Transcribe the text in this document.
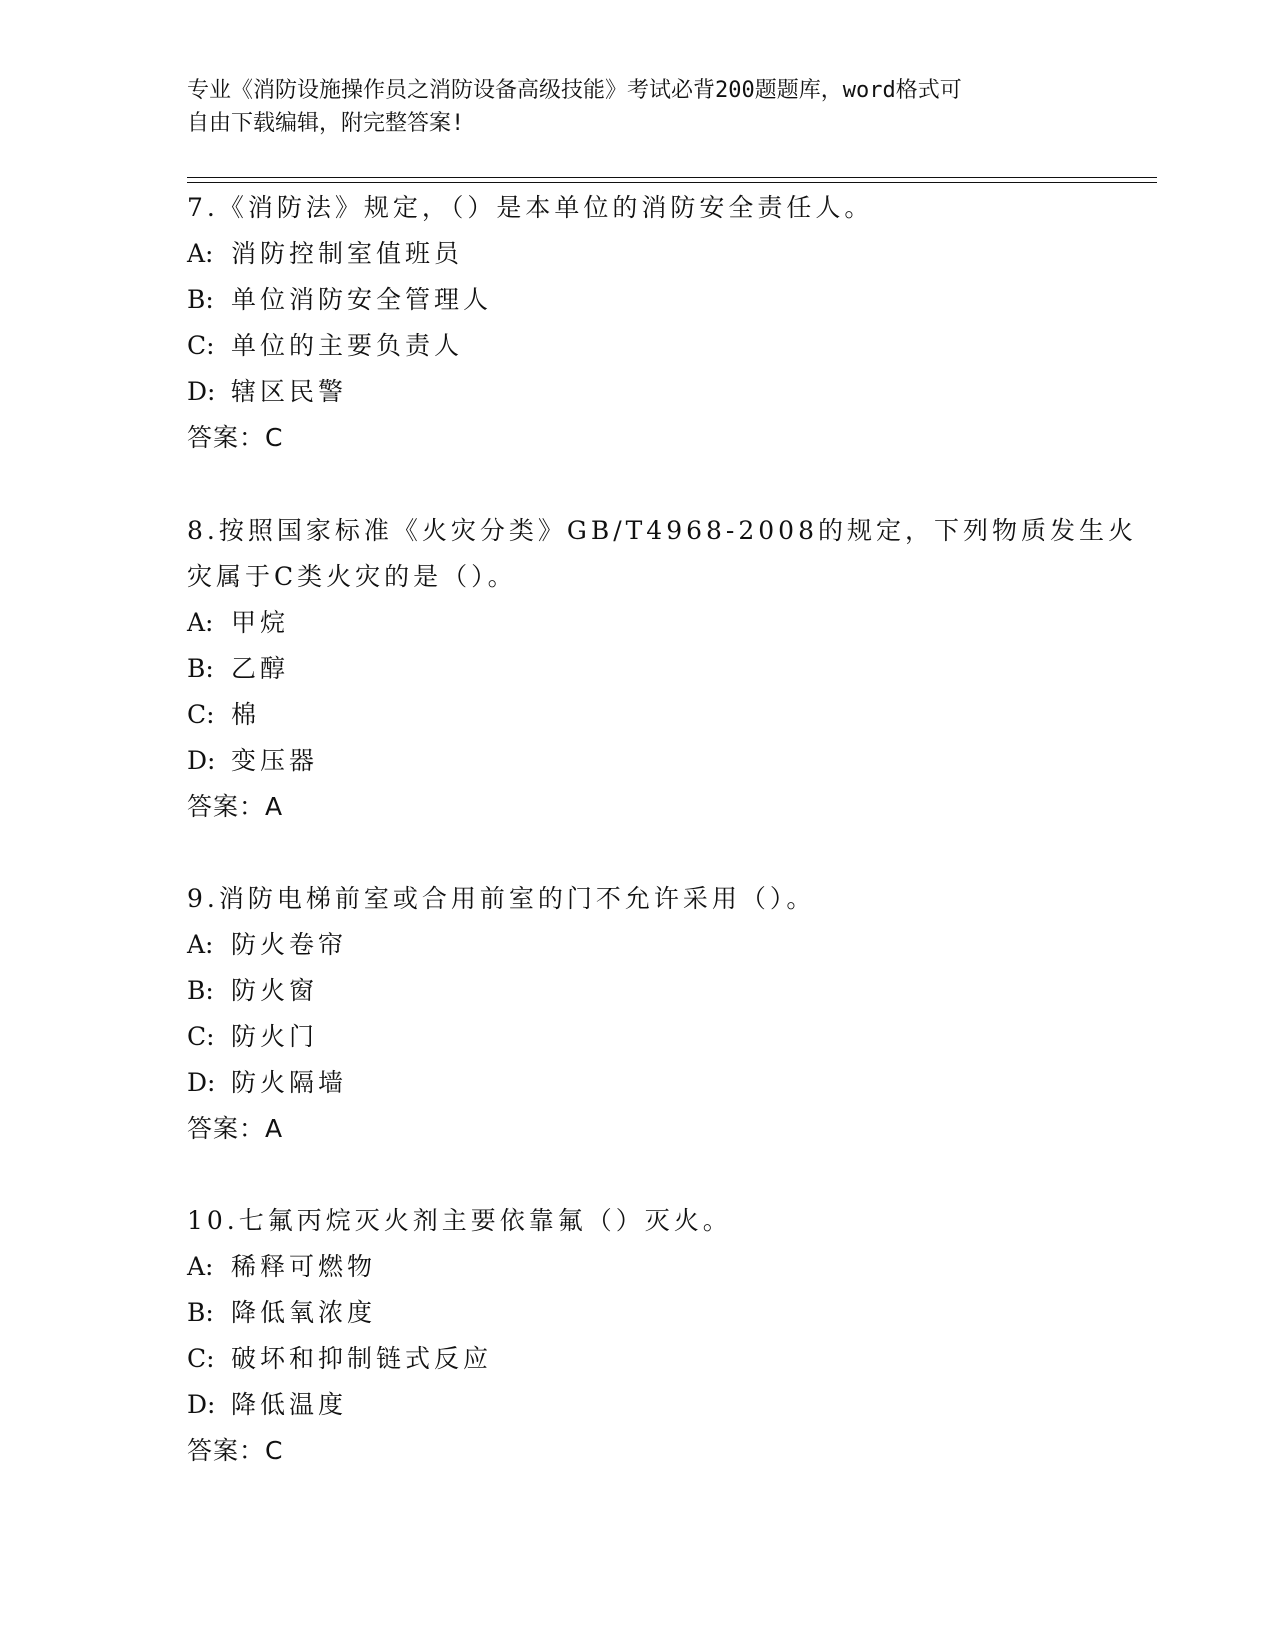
专业《消防设施操作员之消防设备高级技能》考试必背200题题库，word格式可
自由下载编辑，附完整答案!
7.《消防法》规定，（）是本单位的消防安全责任人。
A: 消防控制室值班员
B: 单位消防安全管理人
C: 单位的主要负责人
D: 辖区民警
答案：C
8.按照国家标准《火灾分类》GB/T4968-2008的规定，下列物质发生火
灾属于C类火灾的是（）。
A: 甲烷
B: 乙醇
C: 棉
D: 变压器
答案：A
9.消防电梯前室或合用前室的门不允许采用（）。
A: 防火卷帘
B: 防火窗
C: 防火门
D: 防火隔墙
答案：A
10.七氟丙烷灭火剂主要依靠氟（）灭火。
A: 稀释可燃物
B: 降低氧浓度
C: 破坏和抑制链式反应
D: 降低温度
答案：C
